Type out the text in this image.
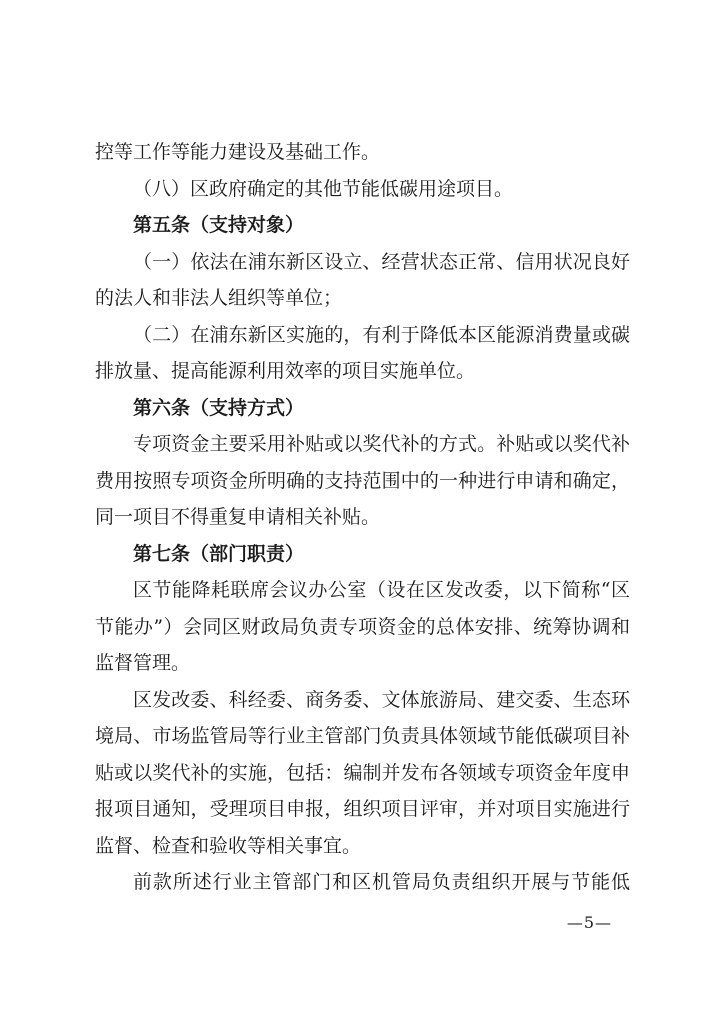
控等工作等能力建设及基础工作。
（八）区政府确定的其他节能低碳用途项目。
第五条（支持对象）
（一）依法在浦东新区设立、经营状态正常、信用状况良好
的法人和非法人组织等单位；
（二）在浦东新区实施的，有利于降低本区能源消费量或碳
排放量、提高能源利用效率的项目实施单位。
第六条（支持方式）
专项资金主要采用补贴或以奖代补的方式。补贴或以奖代补
费用按照专项资金所明确的支持范围中的一种进行申请和确定，
同一项目不得重复申请相关补贴。
第七条（部门职责）
区节能降耗联席会议办公室（设在区发改委，以下简称“区
节能办”）会同区财政局负责专项资金的总体安排、统筹协调和
监督管理。
区发改委、科经委、商务委、文体旅游局、建交委、生态环
境局、市场监管局等行业主管部门负责具体领域节能低碳项目补
贴或以奖代补的实施，包括：编制并发布各领域专项资金年度申
报项目通知，受理项目申报，组织项目评审，并对项目实施进行
监督、检查和验收等相关事宜。
前款所述行业主管部门和区机管局负责组织开展与节能低
—5—
